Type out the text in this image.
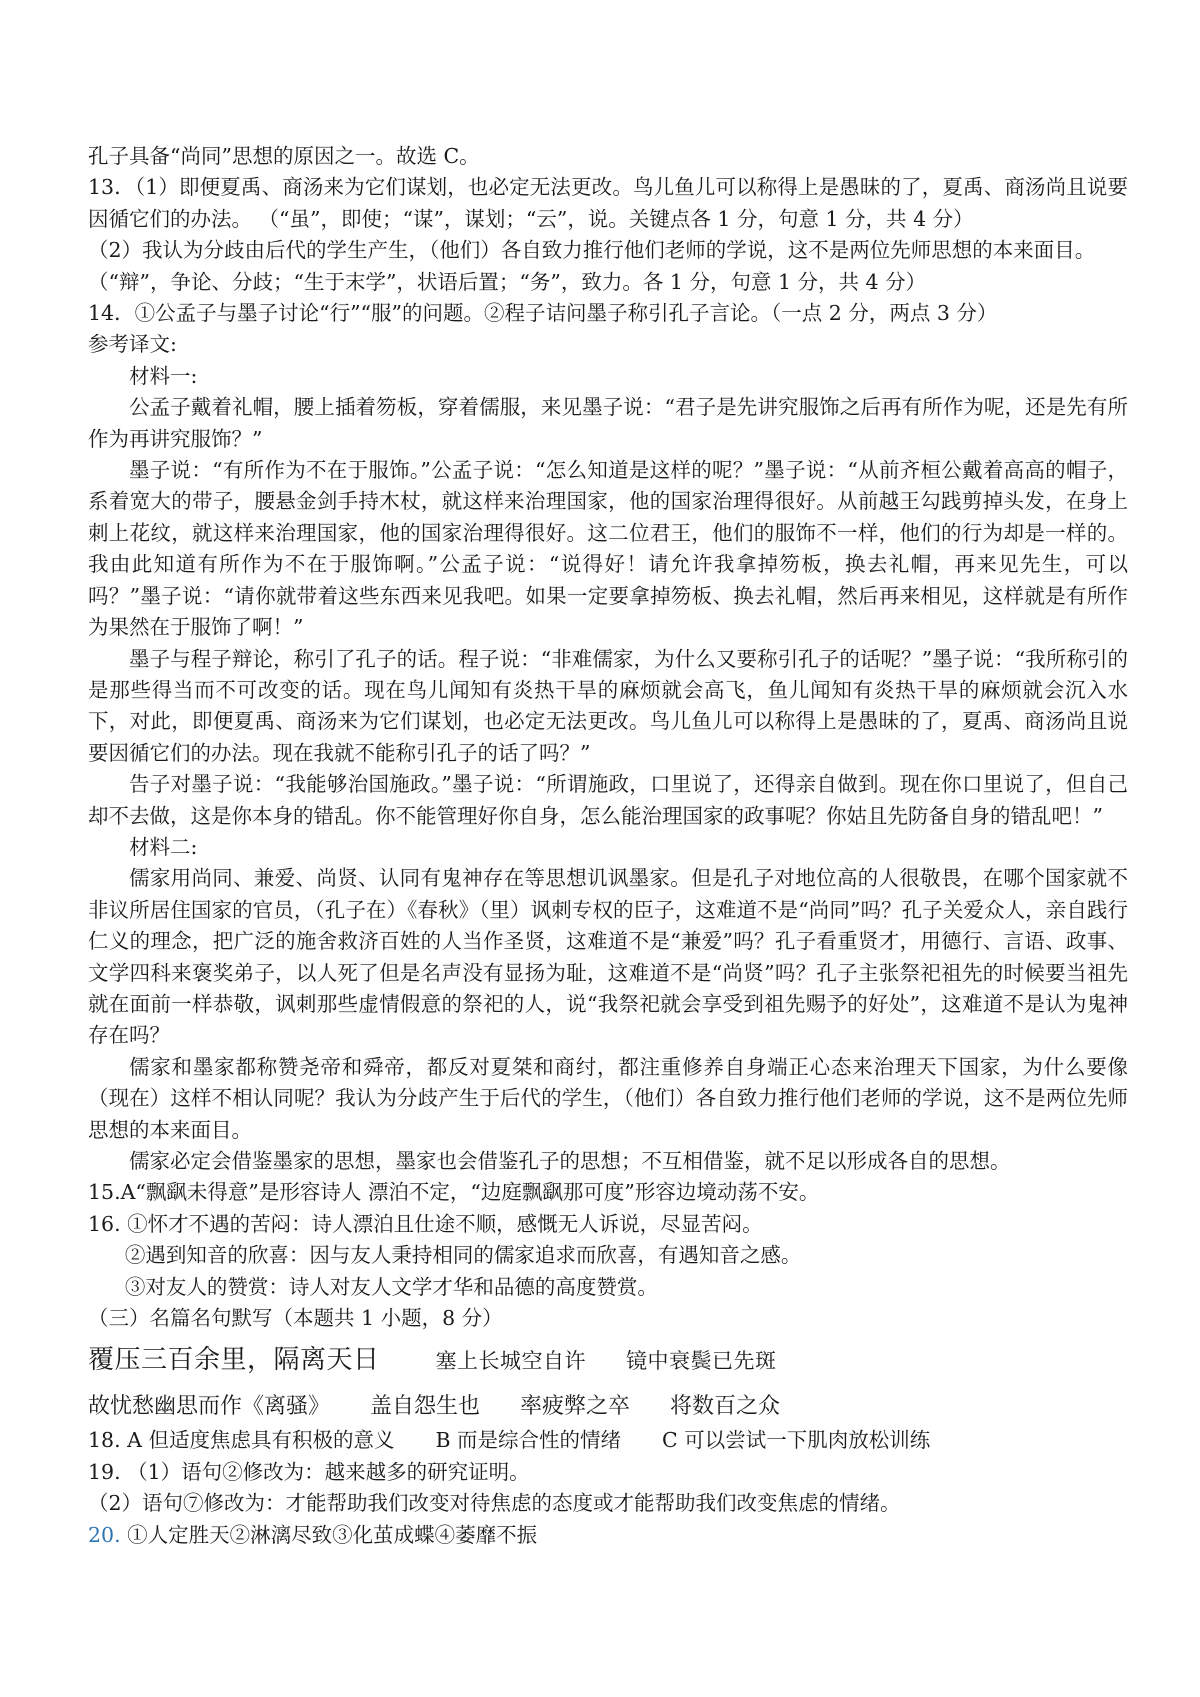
孔子具备“尚同”思想的原因之一。故选 C。

13．（1）即便夏禹、商汤来为它们谋划，也必定无法更改。鸟儿鱼儿可以称得上是愚昧的了，夏禹、商汤尚且说要因循它们的办法。 （“虽”，即使；“谋”，谋划；“云”，说。关键点各 1 分，句意 1 分，共 4 分）

（2）我认为分歧由后代的学生产生，（他们）各自致力推行他们老师的学说，这不是两位先师思想的本来面目。

（“辩”，争论、分歧；“生于末学”，状语后置；“务”，致力。各 1 分，句意 1 分，共 4 分）

14．①公孟子与墨子讨论“行”“服”的问题。②程子诘问墨子称引孔子言论。（一点 2 分，两点 3 分）

参考译文:

材料一:

公孟子戴着礼帽，腰上插着笏板，穿着儒服，来见墨子说：“君子是先讲究服饰之后再有所作为呢，还是先有所作为再讲究服饰？”

墨子说：“有所作为不在于服饰。”公孟子说：“怎么知道是这样的呢？”墨子说：“从前齐桓公戴着高高的帽子，系着宽大的带子，腰悬金剑手持木杖，就这样来治理国家，他的国家治理得很好。从前越王勾践剪掉头发，在身上刺上花纹，就这样来治理国家，他的国家治理得很好。这二位君王，他们的服饰不一样，他们的行为却是一样的。我由此知道有所作为不在于服饰啊。”公孟子说：“说得好！请允许我拿掉笏板，换去礼帽，再来见先生，可以吗？”墨子说：“请你就带着这些东西来见我吧。如果一定要拿掉笏板、换去礼帽，然后再来相见，这样就是有所作为果然在于服饰了啊！”

墨子与程子辩论，称引了孔子的话。程子说：“非难儒家，为什么又要称引孔子的话呢？”墨子说：“我所称引的是那些得当而不可改变的话。现在鸟儿闻知有炎热干旱的麻烦就会高飞，鱼儿闻知有炎热干旱的麻烦就会沉入水下，对此，即便夏禹、商汤来为它们谋划，也必定无法更改。鸟儿鱼儿可以称得上是愚昧的了，夏禹、商汤尚且说要因循它们的办法。现在我就不能称引孔子的话了吗？”

告子对墨子说：“我能够治国施政。”墨子说：“所谓施政，口里说了，还得亲自做到。现在你口里说了，但自己却不去做，这是你本身的错乱。你不能管理好你自身，怎么能治理国家的政事呢？你姑且先防备自身的错乱吧！”

材料二:

儒家用尚同、兼爱、尚贤、认同有鬼神存在等思想讥讽墨家。但是孔子对地位高的人很敬畏，在哪个国家就不非议所居住国家的官员，（孔子在）《春秋》（里）讽刺专权的臣子，这难道不是“尚同”吗？孔子关爱众人，亲自践行仁义的理念，把广泛的施舍救济百姓的人当作圣贤，这难道不是“兼爱”吗？孔子看重贤才，用德行、言语、政事、文学四科来褒奖弟子，以人死了但是名声没有显扬为耻，这难道不是“尚贤”吗？孔子主张祭祀祖先的时候要当祖先就在面前一样恭敬，讽刺那些虚情假意的祭祀的人，说“我祭祀就会享受到祖先赐予的好处”，这难道不是认为鬼神存在吗？

儒家和墨家都称赞尧帝和舜帝，都反对夏桀和商纣，都注重修养自身端正心态来治理天下国家，为什么要像（现在）这样不相认同呢？我认为分歧产生于后代的学生，（他们）各自致力推行他们老师的学说，这不是两位先师思想的本来面目。

儒家必定会借鉴墨家的思想，墨家也会借鉴孔子的思想；不互相借鉴，就不足以形成各自的思想。

15.A“飘飖未得意”是形容诗人 漂泊不定，“边庭飘飖那可度”形容边境动荡不安。

16. ①怀才不遇的苦闷：诗人漂泊且仕途不顺，感慨无人诉说，尽显苦闷。

②遇到知音的欣喜：因与友人秉持相同的儒家追求而欣喜，有遇知音之感。

③对友人的赞赏：诗人对友人文学才华和品德的高度赞赏。

（三）名篇名句默写（本题共 1 小题，8 分）

覆压三百余里，隔离天日	塞上长城空自许 镜中衰鬓已先斑

故忧愁幽思而作《离骚》 盖自怨生也 率疲弊之卒 将数百之众

18. A 但适度焦虑具有积极的意义　　B 而是综合性的情绪　　C 可以尝试一下肌肉放松训练

19. （1）语句②修改为：越来越多的研究证明。

（2）语句⑦修改为：才能帮助我们改变对待焦虑的态度或才能帮助我们改变焦虑的情绪。

20. ①人定胜天②淋漓尽致③化茧成蝶④萎靡不振
